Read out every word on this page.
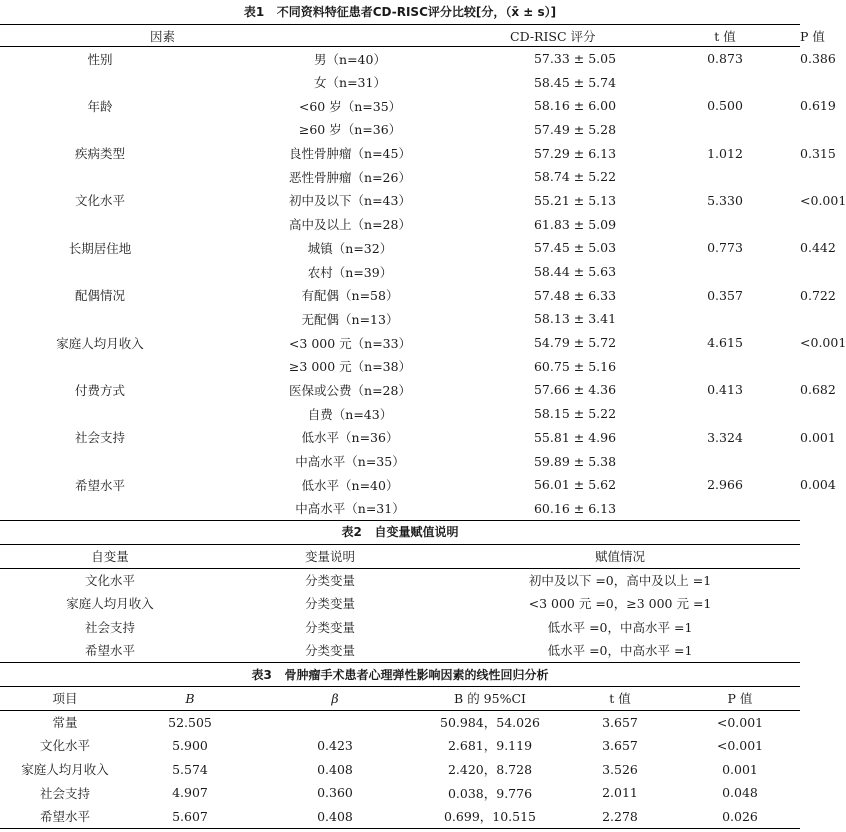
表1 不同资料特征患者CD-RISC评分比较[分，（x̄ ± s）]
因素		CD-RISC 评分	t 值	P 值
性别	男（n=40）	57.33 ± 5.05	0.873	0.386
	女（n=31）	58.45 ± 5.74		
年龄	<60 岁（n=35）	58.16 ± 6.00	0.500	0.619
	≥60 岁（n=36）	57.49 ± 5.28		
疾病类型	良性骨肿瘤（n=45）	57.29 ± 6.13	1.012	0.315
	恶性骨肿瘤（n=26）	58.74 ± 5.22		
文化水平	初中及以下（n=43）	55.21 ± 5.13	5.330	<0.001
	高中及以上（n=28）	61.83 ± 5.09		
长期居住地	城镇（n=32）	57.45 ± 5.03	0.773	0.442
	农村（n=39）	58.44 ± 5.63		
配偶情况	有配偶（n=58）	57.48 ± 6.33	0.357	0.722
	无配偶（n=13）	58.13 ± 3.41		
家庭人均月收入	<3 000 元（n=33）	54.79 ± 5.72	4.615	<0.001
	≥3 000 元（n=38）	60.75 ± 5.16		
付费方式	医保或公费（n=28）	57.66 ± 4.36	0.413	0.682
	自费（n=43）	58.15 ± 5.22		
社会支持	低水平（n=36）	55.81 ± 4.96	3.324	0.001
	中高水平（n=35）	59.89 ± 5.38		
希望水平	低水平（n=40）	56.01 ± 5.62	2.966	0.004
	中高水平（n=31）	60.16 ± 6.13		
表2 自变量赋值说明
自变量	变量说明	赋值情况
文化水平	分类变量	初中及以下 =0，高中及以上 =1
家庭人均月收入	分类变量	<3 000 元 =0，≥3 000 元 =1
社会支持	分类变量	低水平 =0，中高水平 =1
希望水平	分类变量	低水平 =0，中高水平 =1
表3 骨肿瘤手术患者心理弹性影响因素的线性回归分析
项目	B	β	B 的 95%CI	t 值	P 值
常量	52.505		50.984，54.026	3.657	<0.001
文化水平	5.900	0.423	2.681，9.119	3.657	<0.001
家庭人均月收入	5.574	0.408	2.420，8.728	3.526	0.001
社会支持	4.907	0.360	0.038，9.776	2.011	0.048
希望水平	5.607	0.408	0.699，10.515	2.278	0.026
